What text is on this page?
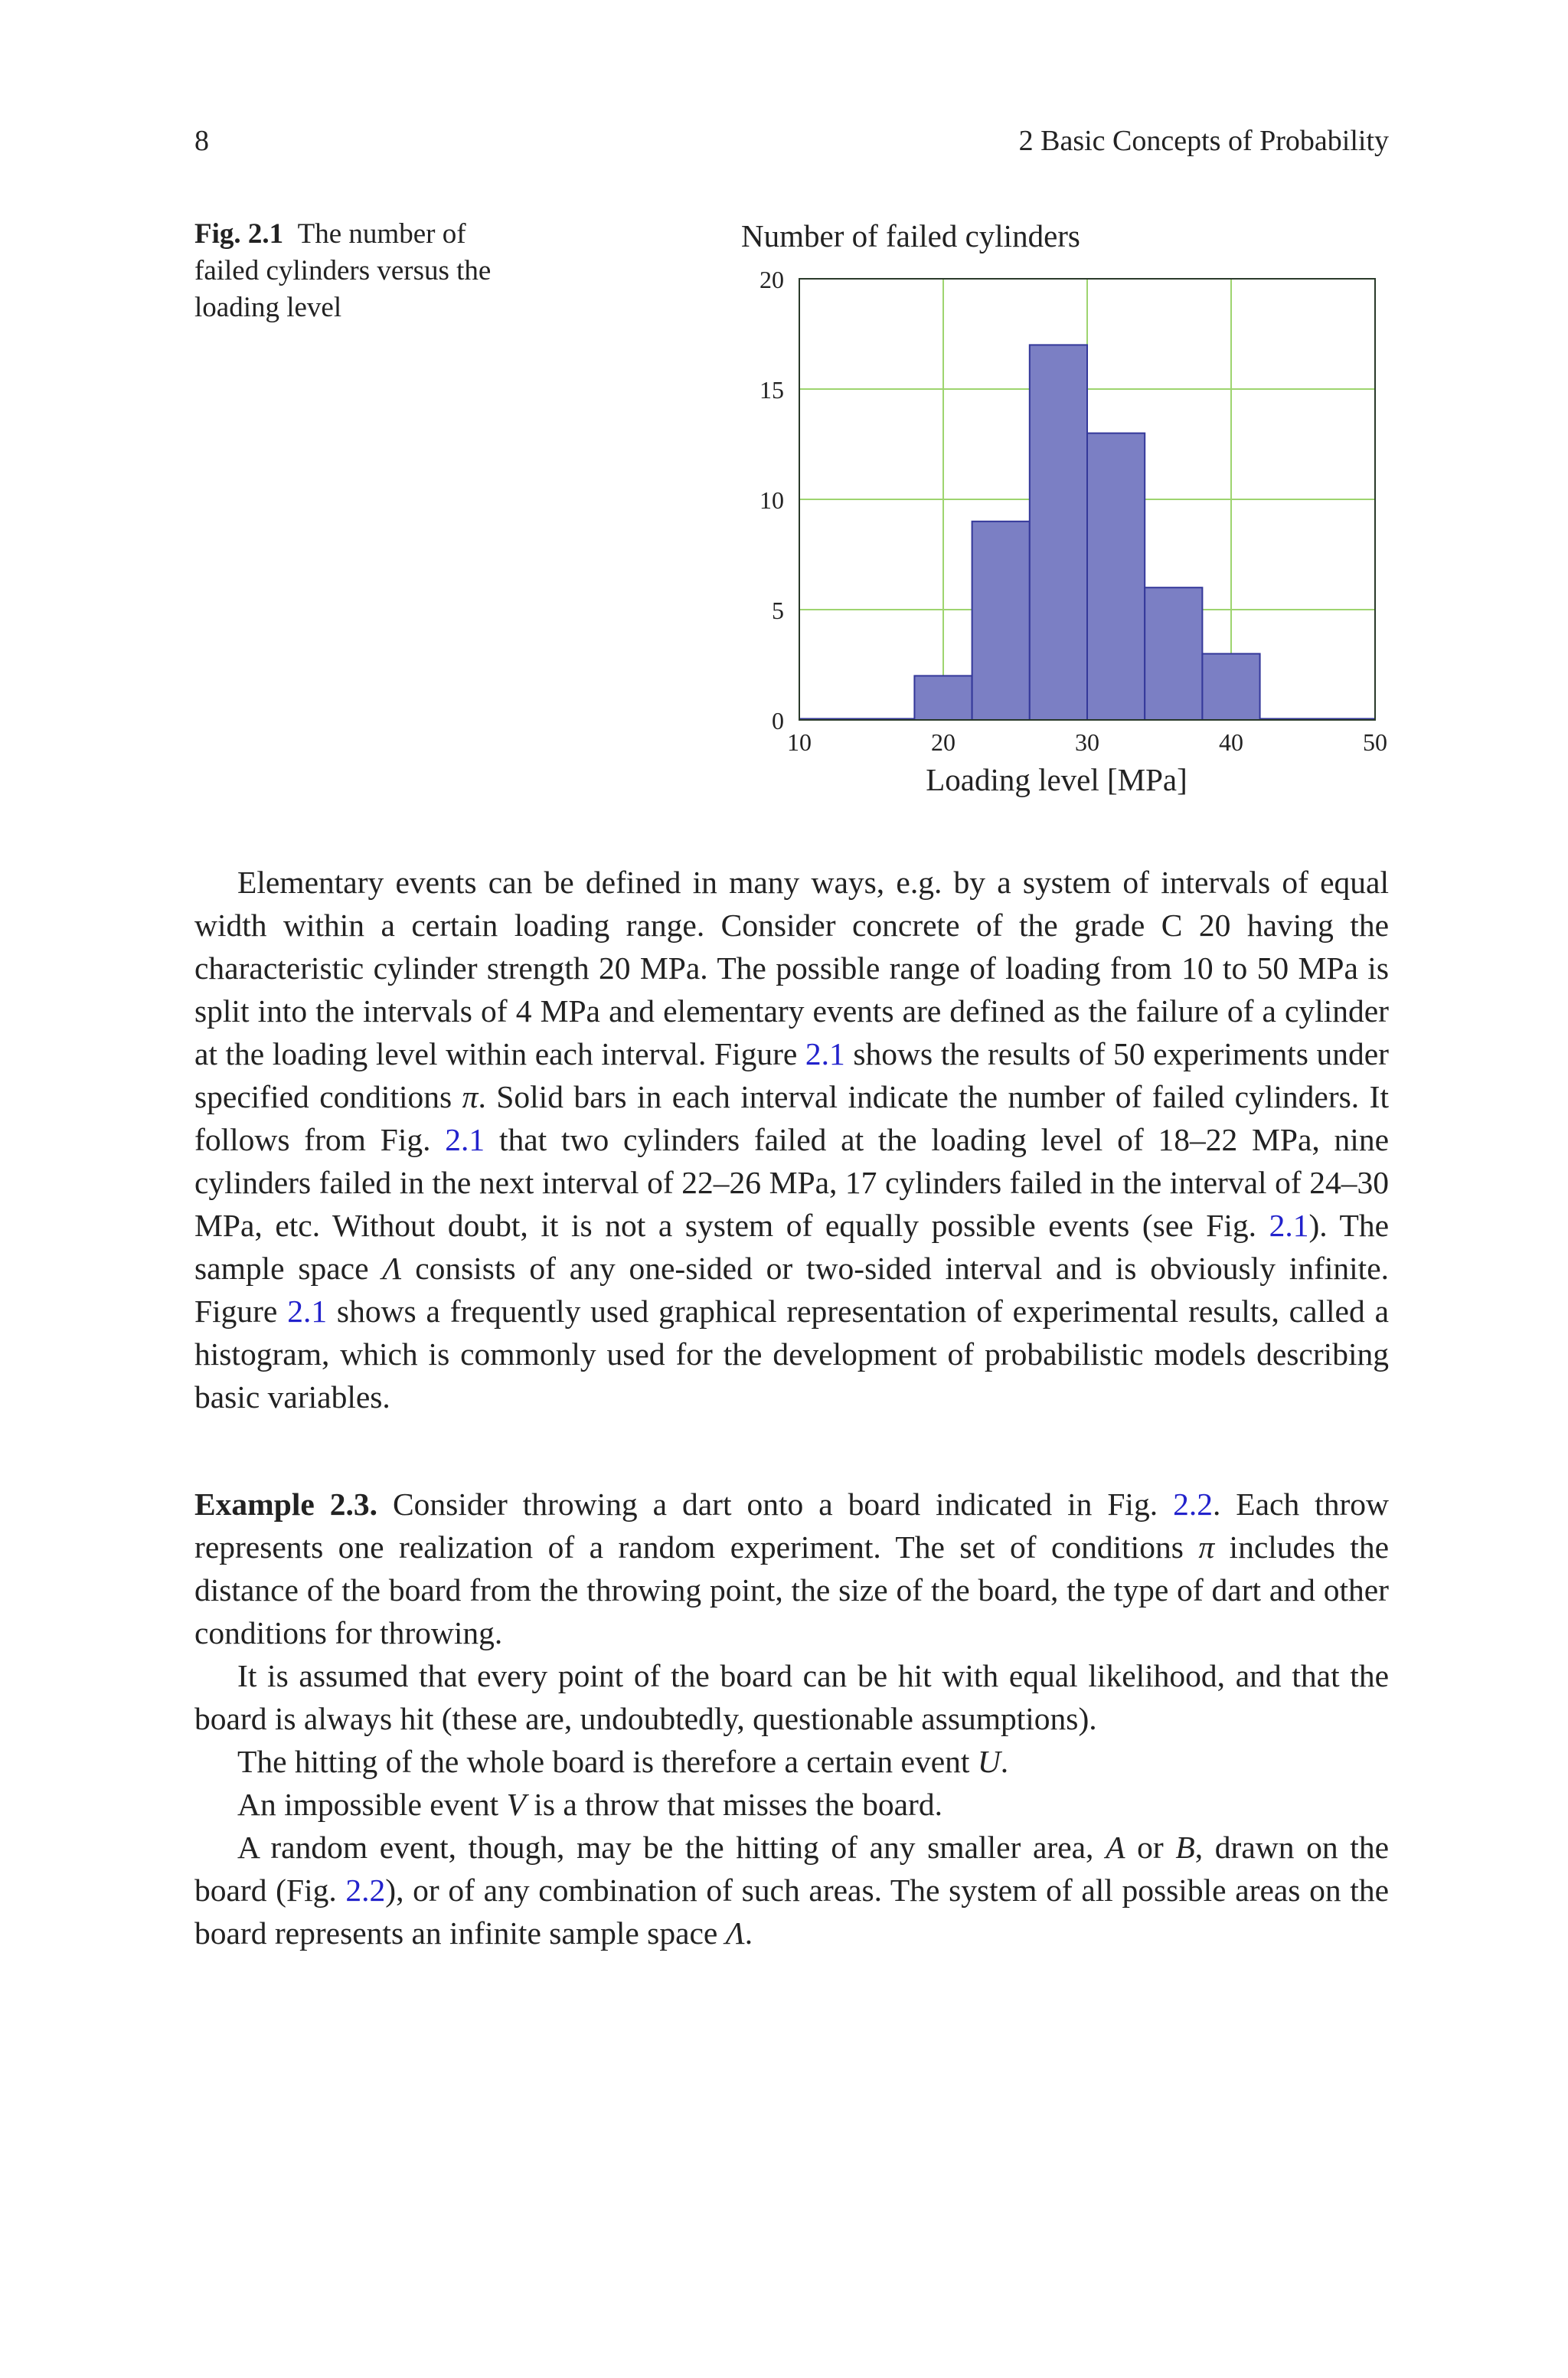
8	2 Basic Concepts of Probability
Fig. 2.1 The number of failed cylinders versus the loading level
Number of failed cylinders
0
5
10
15
20
10	20	30	40	50
Loading level [MPa]

Elementary events can be defined in many ways, e.g. by a system of intervals of equal width within a certain loading range. Consider concrete of the grade C 20 having the characteristic cylinder strength 20 MPa. The possible range of loading from 10 to 50 MPa is split into the intervals of 4 MPa and elementary events are defined as the failure of a cylinder at the loading level within each interval. Figure 2.1 shows the results of 50 experiments under specified conditions π. Solid bars in each interval indicate the number of failed cylinders. It follows from Fig. 2.1 that two cylinders failed at the loading level of 18–22 MPa, nine cylinders failed in the next interval of 22–26 MPa, 17 cylinders failed in the interval of 24–30 MPa, etc. Without doubt, it is not a system of equally possible events (see Fig. 2.1). The sample space Λ consists of any one-sided or two-sided interval and is obviously infinite. Figure 2.1 shows a frequently used graphical representation of experimental results, called a histogram, which is commonly used for the development of probabilistic models describing basic variables.

Example 2.3. Consider throwing a dart onto a board indicated in Fig. 2.2. Each throw represents one realization of a random experiment. The set of conditions π includes the distance of the board from the throwing point, the size of the board, the type of dart and other conditions for throwing.

It is assumed that every point of the board can be hit with equal likelihood, and that the board is always hit (these are, undoubtedly, questionable assumptions).

The hitting of the whole board is therefore a certain event U.

An impossible event V is a throw that misses the board.

A random event, though, may be the hitting of any smaller area, A or B, drawn on the board (Fig. 2.2), or of any combination of such areas. The system of all possible areas on the board represents an infinite sample space Λ.
